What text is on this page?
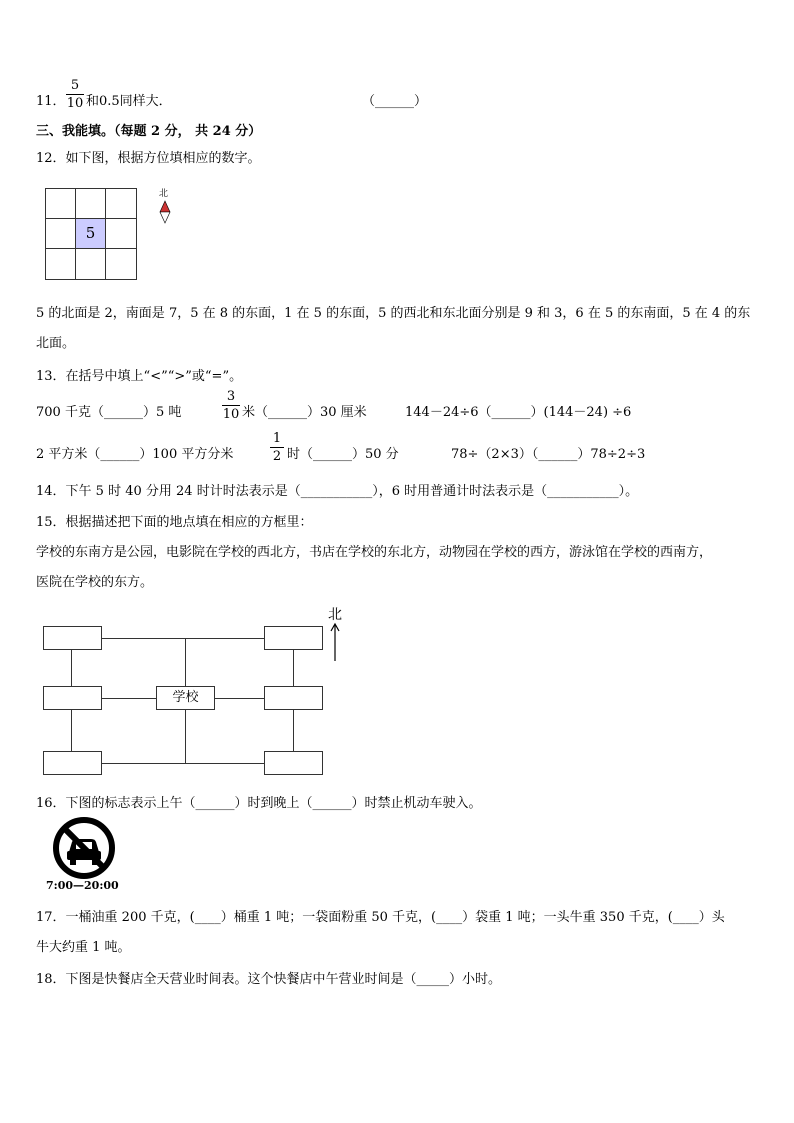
11．
5
10 和0.5同样大．	（______）
三、我能填。（每题 2 分， 共 24 分）
12．如下图，根据方位填相应的数字。
5
北
5 的北面是 2，南面是 7，5 在 8 的东面，1 在 5 的东面，5 的西北和东北面分别是 9 和 3，6 在 5 的东南面，5 在 4 的东
北面。
13．在括号中填上“<”“>”或“=”。
700 千克（______）5 吨
3
10 米（______）30 厘米	144－24÷6（______）(144－24) ÷6
2 平方米（______）100 平方分米
1
2 时（______）50 分	78÷（2×3）（______）78÷2÷3
14．下午 5 时 40 分用 24 时计时法表示是（___________），6 时用普通计时法表示是（___________）。
15．根据描述把下面的地点填在相应的方框里：
学校的东南方是公园，电影院在学校的西北方，书店在学校的东北方，动物园在学校的西方，游泳馆在学校的西南方，
医院在学校的东方。
学校
北
16．下图的标志表示上午（______）时到晚上（______）时禁止机动车驶入。
7:00—20:00
17．一桶油重 200 千克，(____）桶重 1 吨；一袋面粉重 50 千克，(____）袋重 1 吨；一头牛重 350 千克，(____）头
牛大约重 1 吨。
18．下图是快餐店全天营业时间表。这个快餐店中午营业时间是（_____）小时。
